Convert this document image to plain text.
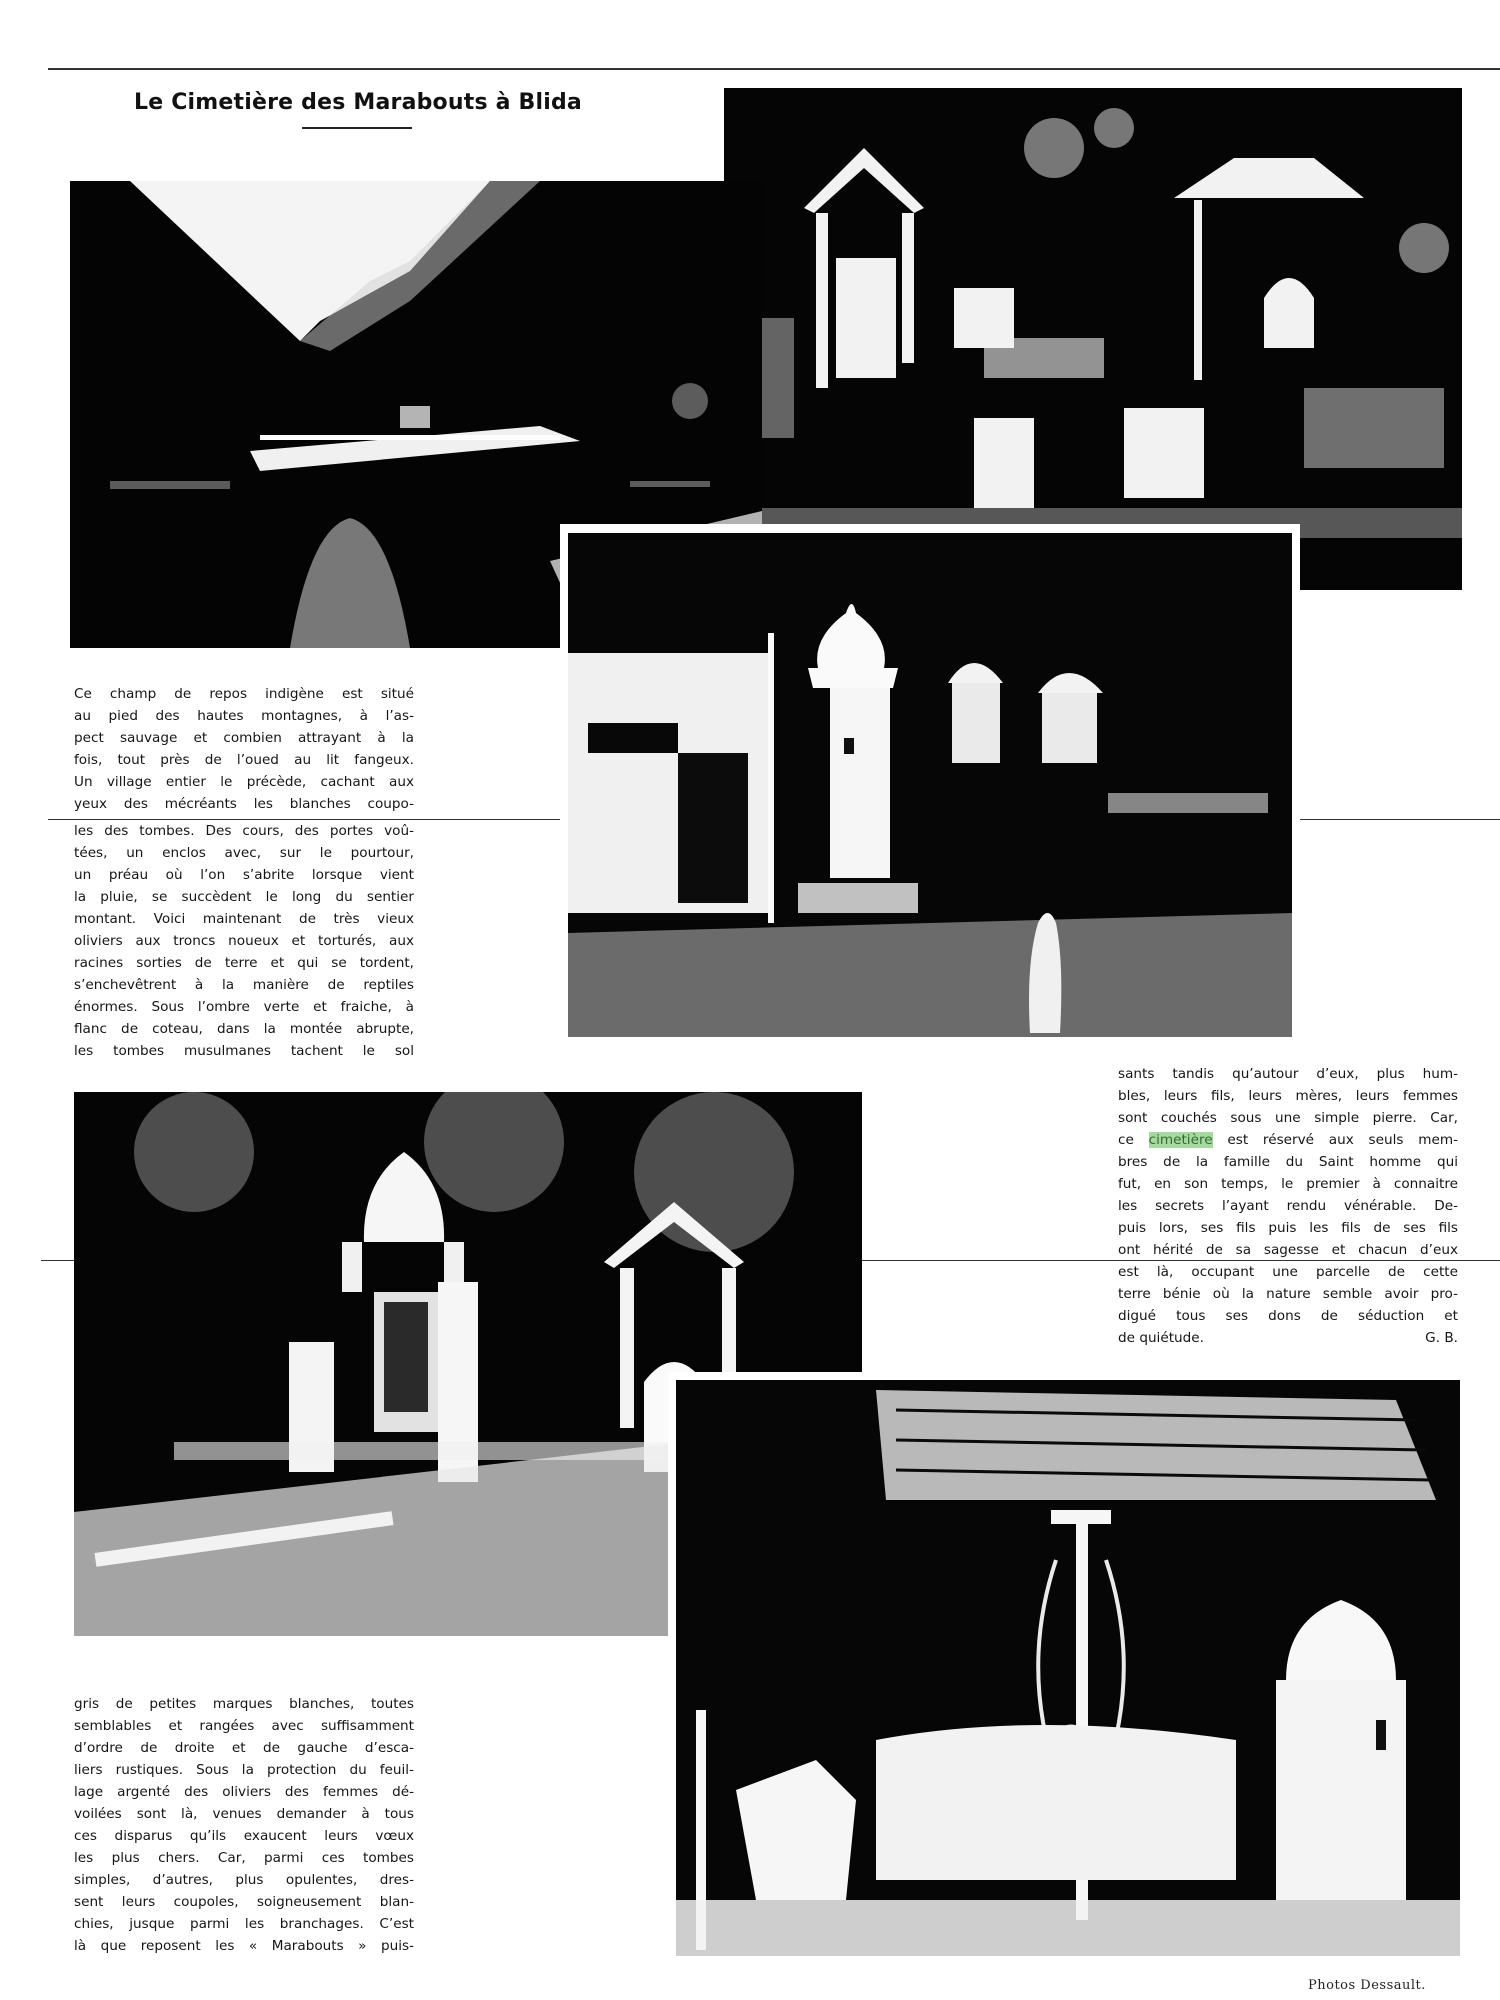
Le Cimetière des Marabouts à Blida

Ce champ de repos indigène est situé

au pied des hautes montagnes, à l’as-

pect sauvage et combien attrayant à la

fois, tout près de l’oued au lit fangeux.

Un village entier le précède, cachant aux

yeux des mécréants les blanches coupo-

les des tombes. Des cours, des portes voû-

tées, un enclos avec, sur le pourtour,

un préau où l’on s’abrite lorsque vient

la pluie, se succèdent le long du sentier

montant. Voici maintenant de très vieux

oliviers aux troncs noueux et torturés, aux

racines sorties de terre et qui se tordent,

s’enchevêtrent à la manière de reptiles

énormes. Sous l’ombre verte et fraiche, à

flanc de coteau, dans la montée abrupte,

les tombes musulmanes tachent le sol

gris de petites marques blanches, toutes

semblables et rangées avec suffisamment

d’ordre de droite et de gauche d’esca-

liers rustiques. Sous la protection du feuil-

lage argenté des oliviers des femmes dé-

voilées sont là, venues demander à tous

ces disparus qu’ils exaucent leurs vœux

les plus chers. Car, parmi ces tombes

simples, d’autres, plus opulentes, dres-

sent leurs coupoles, soigneusement blan-

chies, jusque parmi les branchages. C’est

là que reposent les « Marabouts » puis-

sants tandis qu’autour d’eux, plus hum-

bles, leurs fils, leurs mères, leurs femmes

sont couchés sous une simple pierre. Car,

ce cimetière est réservé aux seuls mem-

bres de la famille du Saint homme qui

fut, en son temps, le premier à connaitre

les secrets l’ayant rendu vénérable. De-

puis lors, ses fils puis les fils de ses fils

ont hérité de sa sagesse et chacun d’eux

est là, occupant une parcelle de cette

terre bénie où la nature semble avoir pro-

digué tous ses dons de séduction et

de quiétude.	G. B.

Photos Dessault.
